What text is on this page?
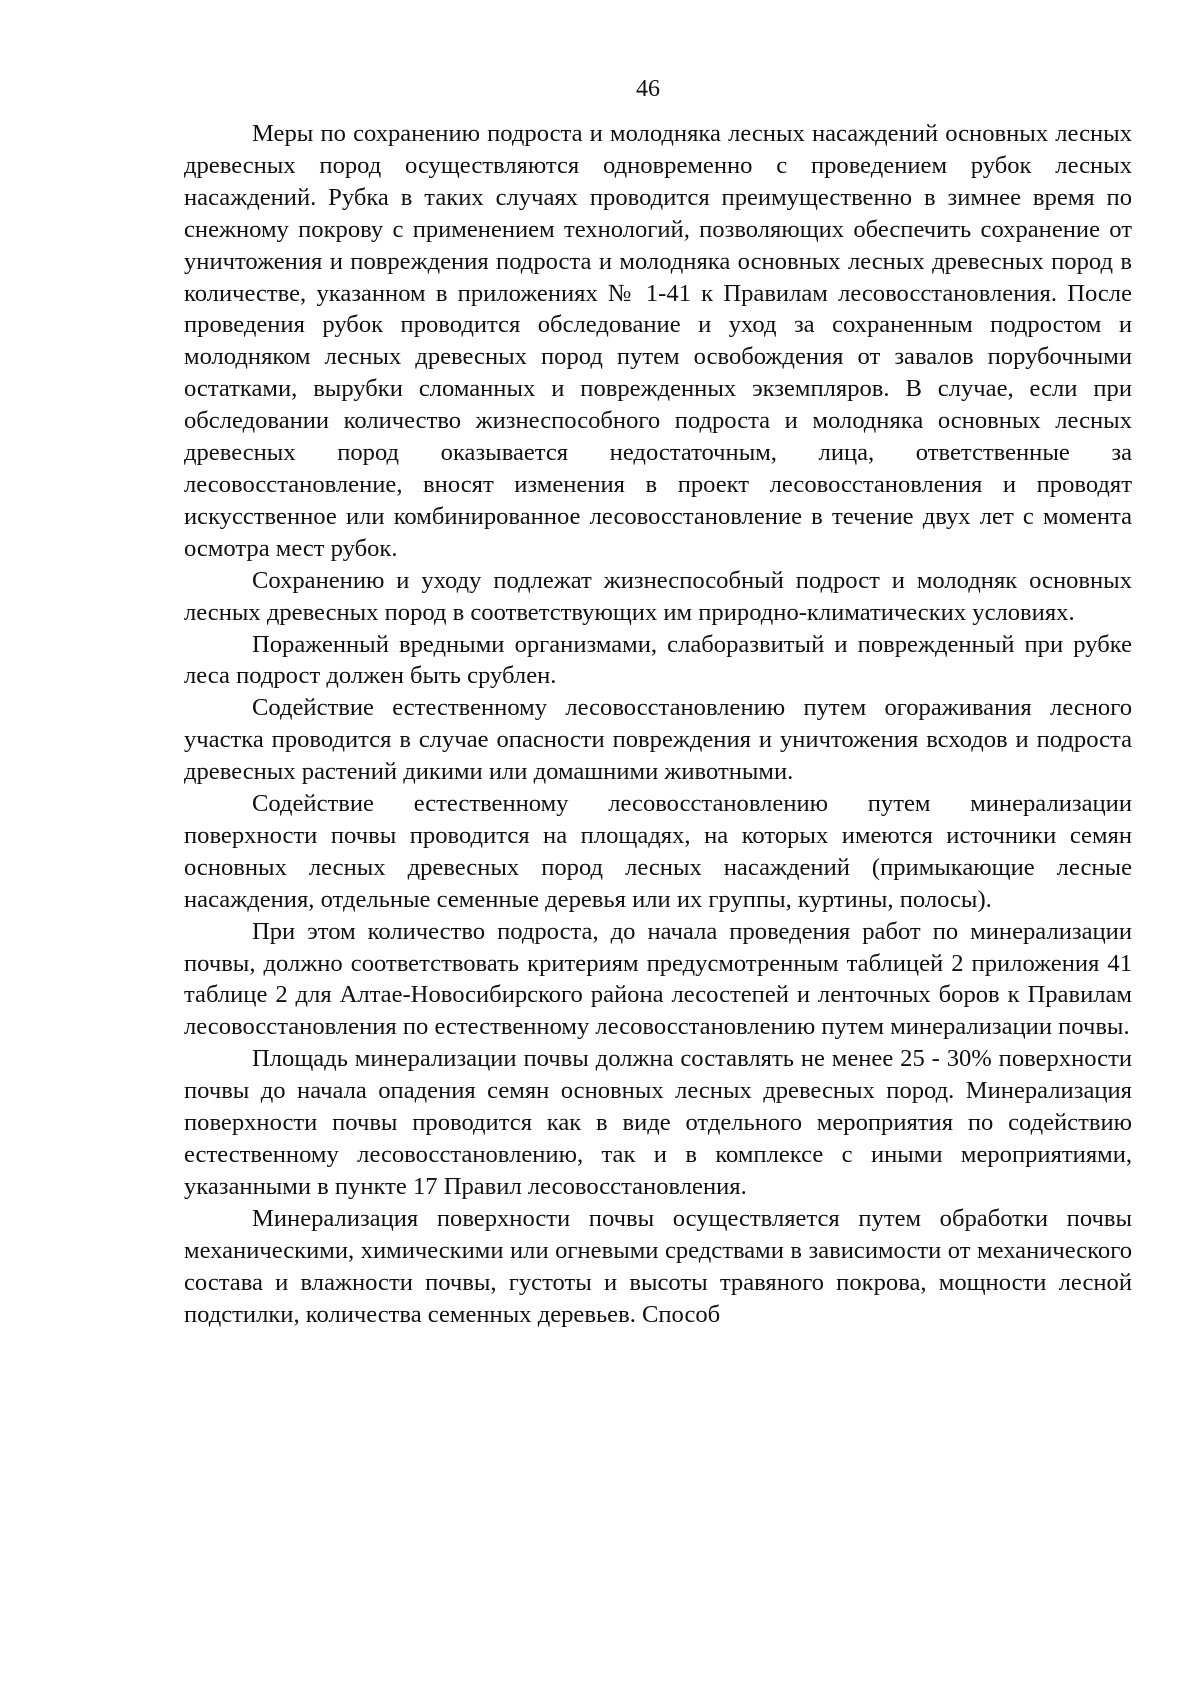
46

Меры по сохранению подроста и молодняка лесных насаждений основных лесных древесных пород осуществляются одновременно с проведением рубок лесных насаждений. Рубка в таких случаях проводится преимущественно в зимнее время по снежному покрову с применением технологий, позволяющих обеспечить сохранение от уничтожения и повреждения подроста и молодняка основных лесных древесных пород в количестве, указанном в приложениях № 1-41 к Правилам лесовосстановления. После проведения рубок проводится обследование и уход за сохраненным подростом и молодняком лесных древесных пород путем освобождения от завалов порубочными остатками, вырубки сломанных и поврежденных экземпляров. В случае, если при обследовании количество жизнеспособного подроста и молодняка основных лесных древесных пород оказывается недостаточным, лица, ответственные за лесовосстановление, вносят изменения в проект лесовосстановления и проводят искусственное или комбинированное лесовосстановление в течение двух лет с момента осмотра мест рубок.

Сохранению и уходу подлежат жизнеспособный подрост и молодняк основных лесных древесных пород в соответствующих им природно-климатических условиях.

Пораженный вредными организмами, слаборазвитый и поврежденный при рубке леса подрост должен быть срублен.

Содействие естественному лесовосстановлению путем огораживания лесного участка проводится в случае опасности повреждения и уничтожения всходов и подроста древесных растений дикими или домашними животными.

Содействие естественному лесовосстановлению путем минерализации поверхности почвы проводится на площадях, на которых имеются источники семян основных лесных древесных пород лесных насаждений (примыкающие лесные насаждения, отдельные семенные деревья или их группы, куртины, полосы).

При этом количество подроста, до начала проведения работ по минерализации почвы, должно соответствовать критериям предусмотренным таблицей 2 приложения 41 таблице 2 для Алтае-Новосибирского района лесостепей и ленточных боров к Правилам лесовосстановления по естественному лесовосстановлению путем минерализации почвы.

Площадь минерализации почвы должна составлять не менее 25 - 30% поверхности почвы до начала опадения семян основных лесных древесных пород. Минерализация поверхности почвы проводится как в виде отдельного мероприятия по содействию естественному лесовосстановлению, так и в комплексе с иными мероприятиями, указанными в пункте 17 Правил лесовосстановления.

Минерализация поверхности почвы осуществляется путем обработки почвы механическими, химическими или огневыми средствами в зависимости от механического состава и влажности почвы, густоты и высоты травяного покрова, мощности лесной подстилки, количества семенных деревьев. Способ
